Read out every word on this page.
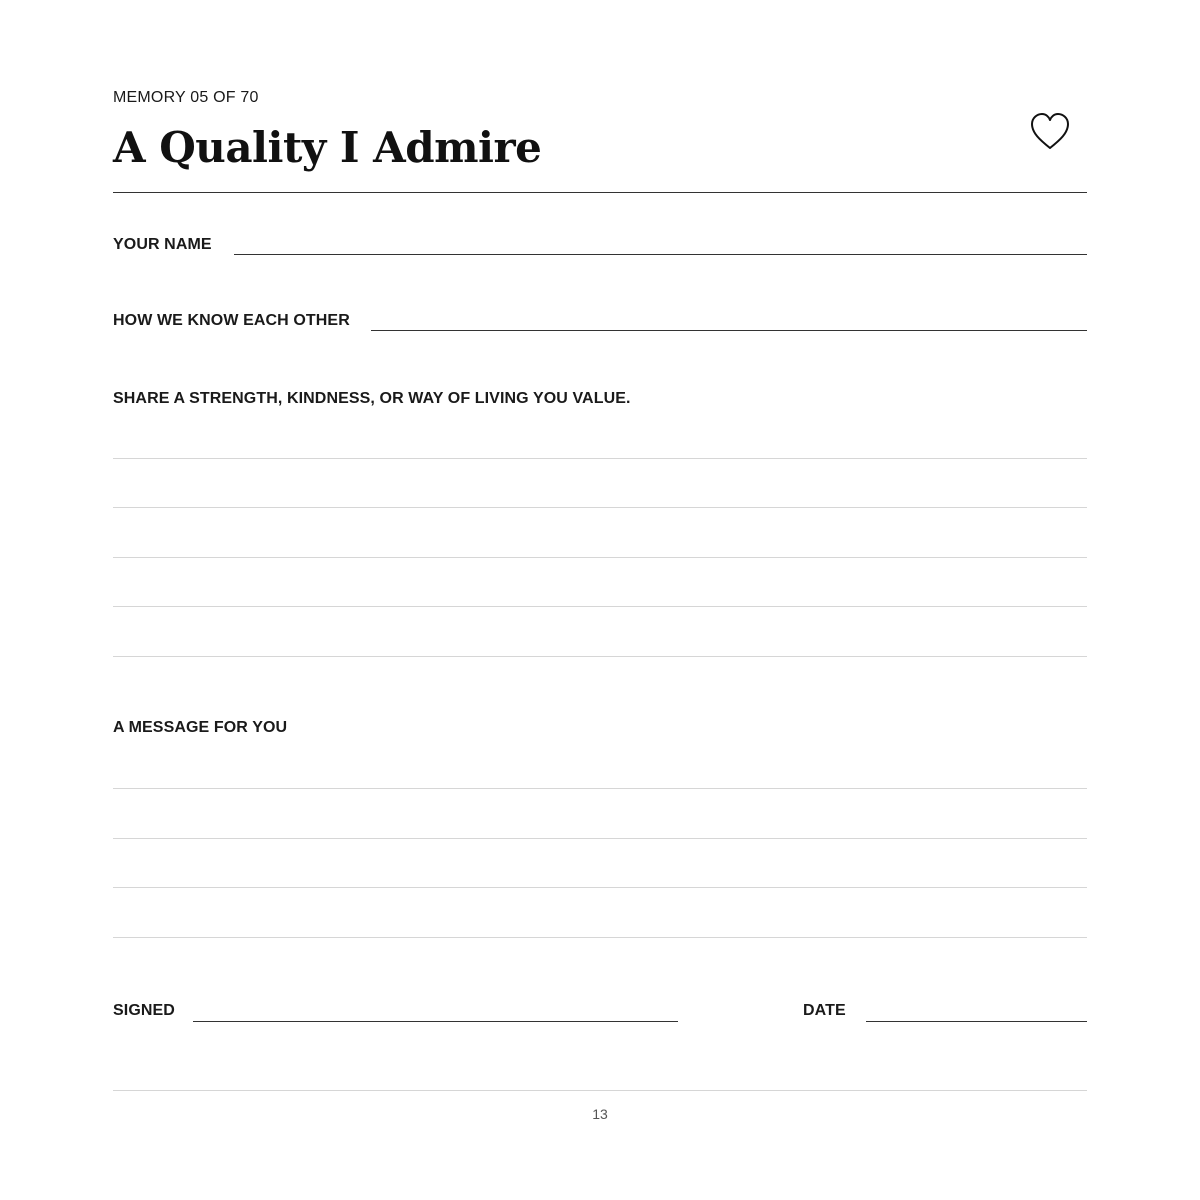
MEMORY 05 OF 70
A Quality I Admire
YOUR NAME
HOW WE KNOW EACH OTHER
SHARE A STRENGTH, KINDNESS, OR WAY OF LIVING YOU VALUE.
A MESSAGE FOR YOU
SIGNED	DATE
13
